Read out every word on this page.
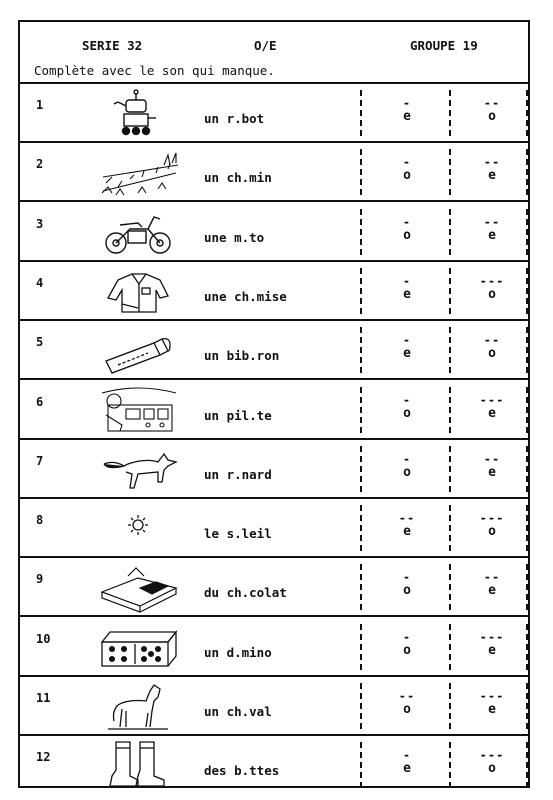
SERIE 32	O/E	GROUPE 19
Complète avec le son qui manque.
1
un r.bot
-
e
--
o
2
un ch.min
-
o
--
e
3
une m.to
-
o
--
e
4
une ch.mise
-
e
---
o
5
un bib.ron
-
e
--
o
6
un pil.te
-
o
---
e
7
un r.nard
-
o
--
e
8
le s.leil
--
e
---
o
9
du ch.colat
-
o
--
e
10
un d.mino
-
o
---
e
11
un ch.val
--
o
---
e
12
des b.ttes
-
e
---
o
